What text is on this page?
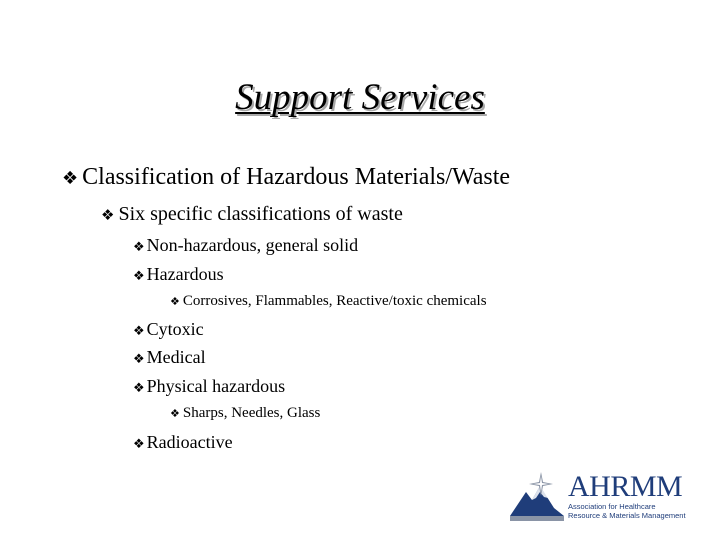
Support Services
❖ Classification of Hazardous Materials/Waste
❖ Six specific classifications of waste
❖ Non-hazardous, general solid
❖ Hazardous
❖ Corrosives, Flammables, Reactive/toxic chemicals
❖ Cytoxic
❖ Medical
❖ Physical hazardous
❖ Sharps, Needles, Glass
❖ Radioactive
AHRMM
Association for Healthcare
Resource & Materials Management
